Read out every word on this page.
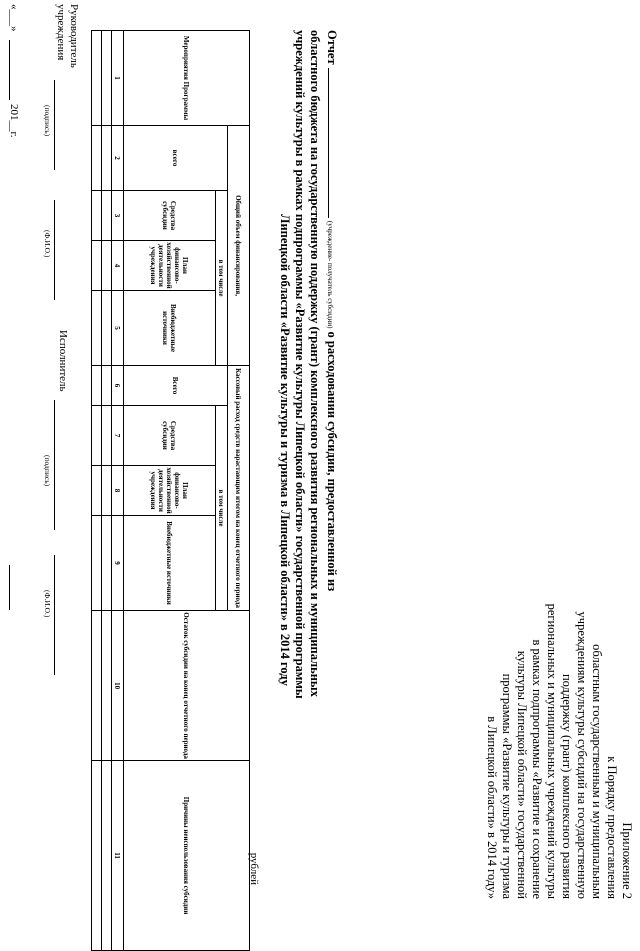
Приложение 2
к Порядку предоставления
областным государственным и муниципальным
учреждениям культуры субсидий на государственную
поддержку (грант) комплексного развития
региональных и муниципальных учреждений культуры
в рамках подпрограммы «Развитие и сохранение
культуры Липецкой области» государственной
программы «Развитие культуры и туризма
в Липецкой области» в 2014 году»
Отчет  (учреждение- получатель субсидии) о расходовании субсидии, предоставленной из
областного бюджета на государственную поддержку (грант) комплексного развития региональных и муниципальных
учреждений культуры в рамках подпрограммы «Развитие культуры Липецкой области» государственной программы
Липецкой области «Развитие культуры и туризма в Липецкой области» в 2014 году
рублей
Мероприятия Программы	Общий объем финансирования,				Кассовый расход средств нарастающим итогом на конец отчетного периода				Остаток субсидии на конец отчетного периода	Причины неиспользования субсидии
	всего	в том числе			Всего	в том числе				
		Средства субсидии	План финансово-хозяйственной деятельности учреждения	Внебюджетные источники		Средства субсидии	План финансово-хозяйственной деятельности учреждения	Внебюджетные источники		
1	2	3	4	5	6	7	8	9	10	11

Руководитель учреждения
(подпись)
(Ф.И.О.)
Исполнитель
(подпись)
(Ф.И.О.)
«___»
201__г.
